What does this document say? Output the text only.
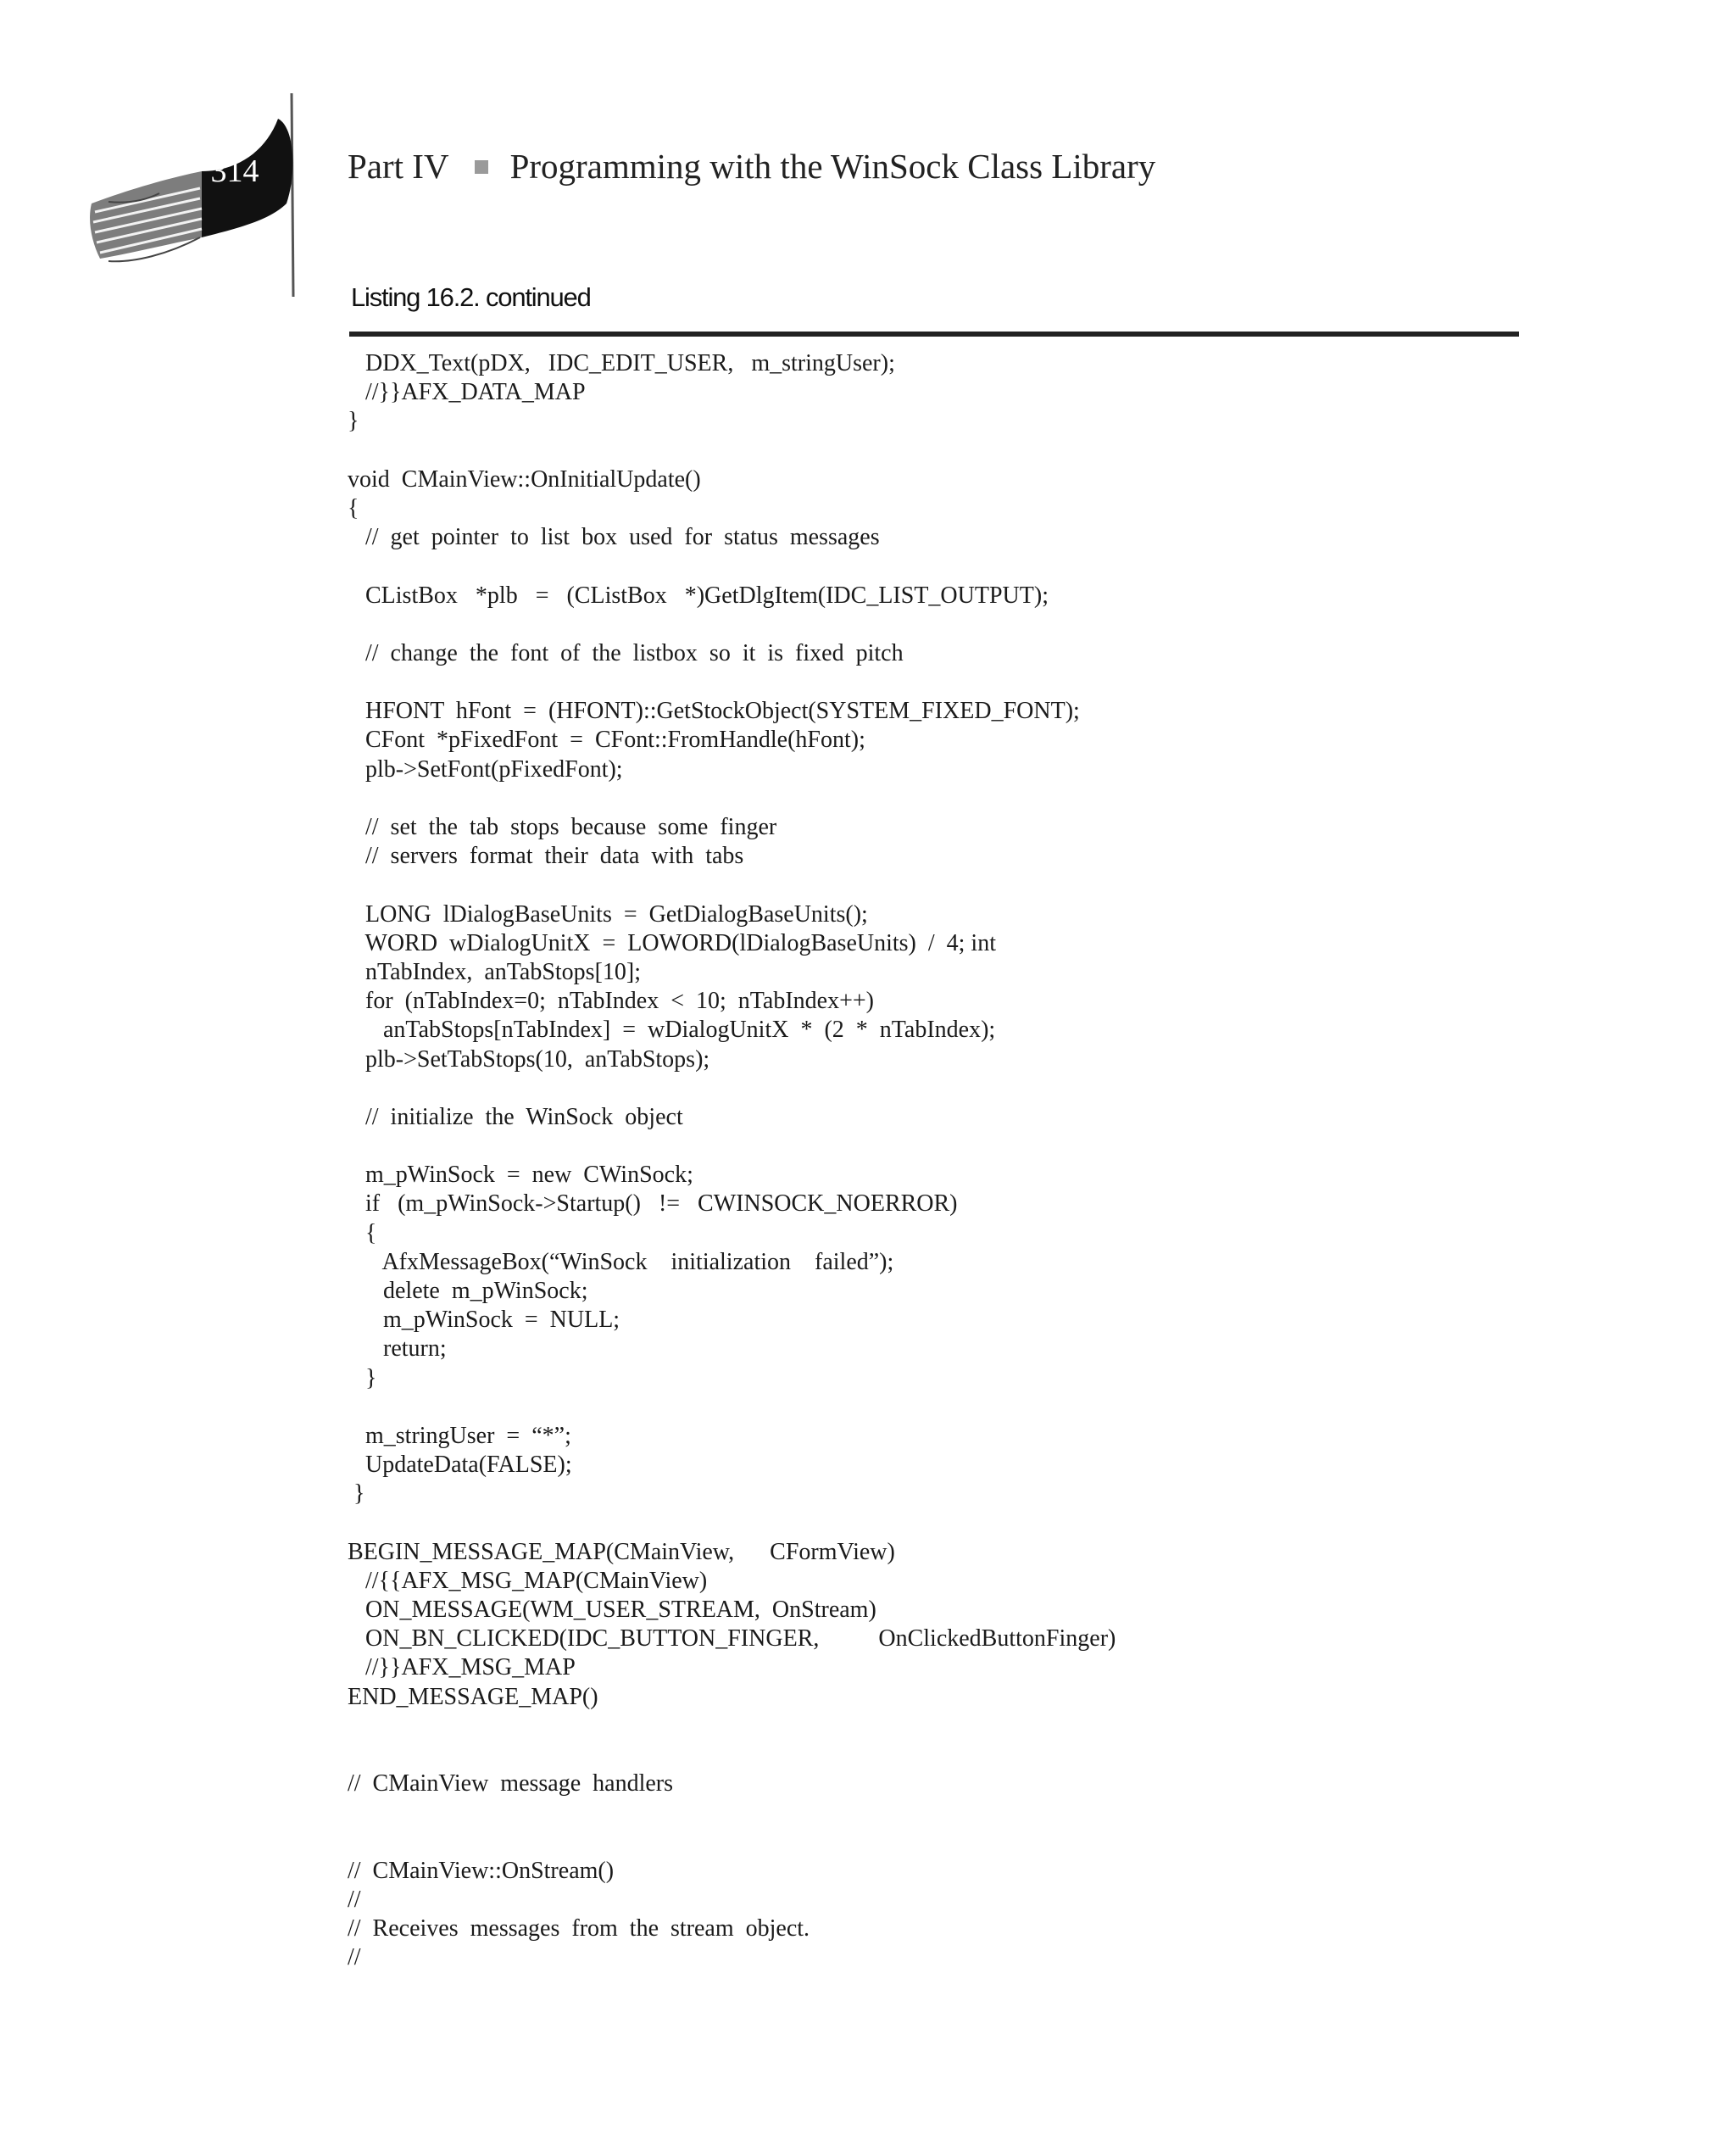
314	Part IV Programming with the WinSock Class Library
Listing 16.2. continued
DDX_Text(pDX,   IDC_EDIT_USER,   m_stringUser);
//}}AFX_DATA_MAP
}
void  CMainView::OnInitialUpdate()
{
//  get  pointer  to  list  box  used  for  status  messages
CListBox   *plb   =   (CListBox   *)GetDlgItem(IDC_LIST_OUTPUT);
//  change  the  font  of  the  listbox  so  it  is  fixed  pitch
HFONT  hFont  =  (HFONT)::GetStockObject(SYSTEM_FIXED_FONT);
CFont  *pFixedFont  =  CFont::FromHandle(hFont);
plb->SetFont(pFixedFont);
//  set  the  tab  stops  because  some  finger
//  servers  format  their  data  with  tabs
LONG  lDialogBaseUnits  =  GetDialogBaseUnits();
WORD  wDialogUnitX  =  LOWORD(lDialogBaseUnits)  /  4; int
nTabIndex,  anTabStops[10];
for  (nTabIndex=0;  nTabIndex  <  10;  nTabIndex++)
anTabStops[nTabIndex]  =  wDialogUnitX  *  (2  *  nTabIndex);
plb->SetTabStops(10,  anTabStops);
//  initialize  the  WinSock  object
m_pWinSock  =  new  CWinSock;
if   (m_pWinSock->Startup()   !=   CWINSOCK_NOERROR)
{
AfxMessageBox(“WinSock    initialization    failed”);
delete  m_pWinSock;
m_pWinSock  =  NULL;
return;
}
m_stringUser  =  “*”;
UpdateData(FALSE);
}
BEGIN_MESSAGE_MAP(CMainView,      CFormView)
//{{AFX_MSG_MAP(CMainView)
ON_MESSAGE(WM_USER_STREAM,  OnStream)
ON_BN_CLICKED(IDC_BUTTON_FINGER,          OnClickedButtonFinger)
//}}AFX_MSG_MAP
END_MESSAGE_MAP()
//  CMainView  message  handlers
//  CMainView::OnStream()
//
//  Receives  messages  from  the  stream  object.
//
